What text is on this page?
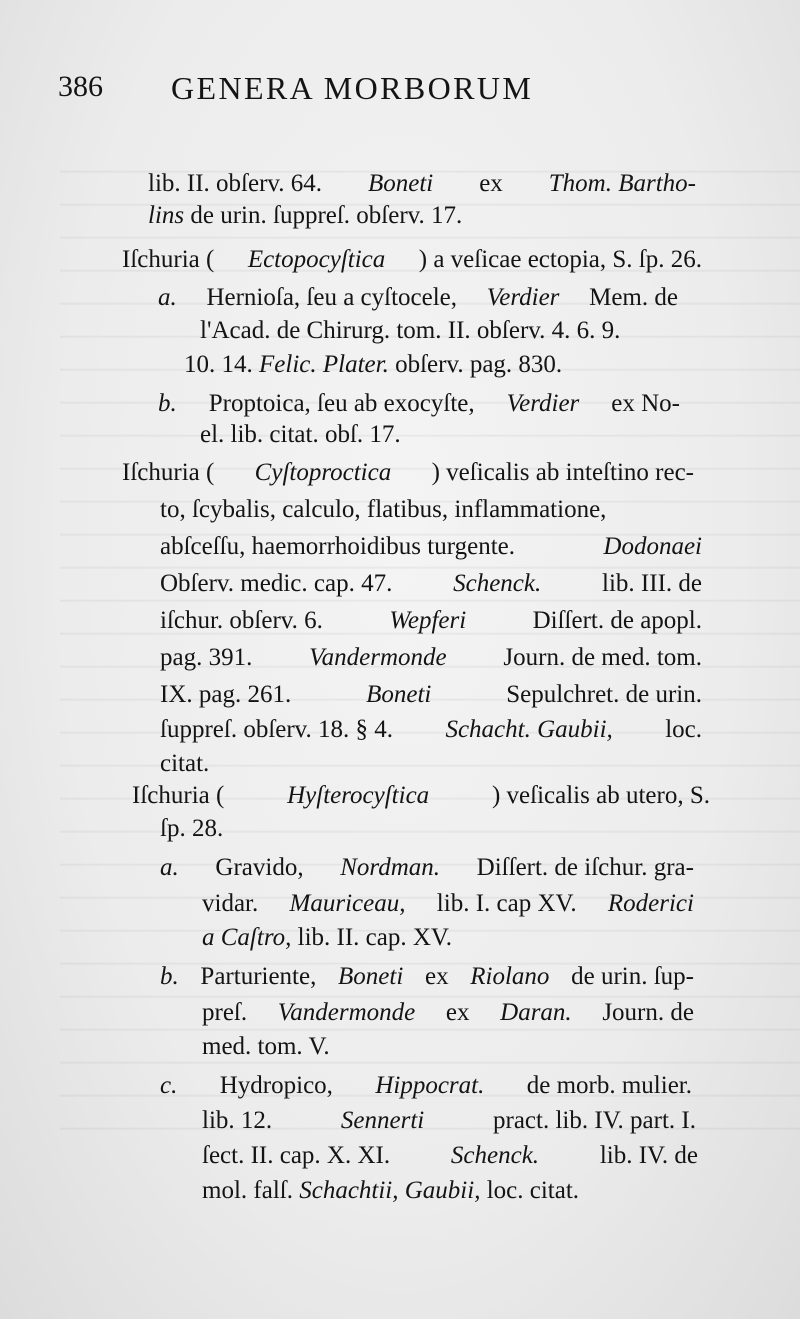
386 GENERA MORBORUM
lib. II. obſerv. 64. Boneti ex Thom. Bartho-
lins de urin. ſuppreſ. obſerv. 17.
Iſchuria ( Ectopocyſtica ) a veſicae ectopia, S. ſp. 26.
a. Hernioſa, ſeu a cyſtocele, Verdier Mem. de
l'Acad. de Chirurg. tom. II. obſerv. 4. 6. 9.
10. 14. Felic. Plater. obſerv. pag. 830.
b. Proptoica, ſeu ab exocyſte, Verdier ex No-
el. lib. citat. obſ. 17.
Iſchuria ( Cyſtoproctica ) veſicalis ab inteſtino rec-
to, ſcybalis, calculo, flatibus, inflammatione,
abſceſſu, haemorrhoidibus turgente.	Dodonaei
Obſerv. medic. cap. 47. Schenck. lib. III. de
iſchur. obſerv. 6. Wepferi Diſſert. de apopl.
pag. 391. Vandermonde Journ. de med. tom.
IX. pag. 261.	Boneti	Sepulchret. de urin.
ſuppreſ. obſerv. 18. § 4. Schacht. Gaubii, loc.
citat.
Iſchuria (	Hyſterocyſtica	) veſicalis ab utero, S.
ſp. 28.
a. Gravido, Nordman. Diſſert. de iſchur. gra-
vidar. Mauriceau, lib. I. cap XV. Roderici
a Caſtro, lib. II. cap. XV.
b. Parturiente, Boneti ex Riolano de urin. ſup-
preſ. Vandermonde ex Daran. Journ. de
med. tom. V.
c. Hydropico, Hippocrat. de morb. mulier.
lib. 12.	Sennerti	pract. lib. IV. part. I.
ſect. II. cap. X. XI. Schenck. lib. IV. de
mol. falſ. Schachtii, Gaubii, loc. citat.
